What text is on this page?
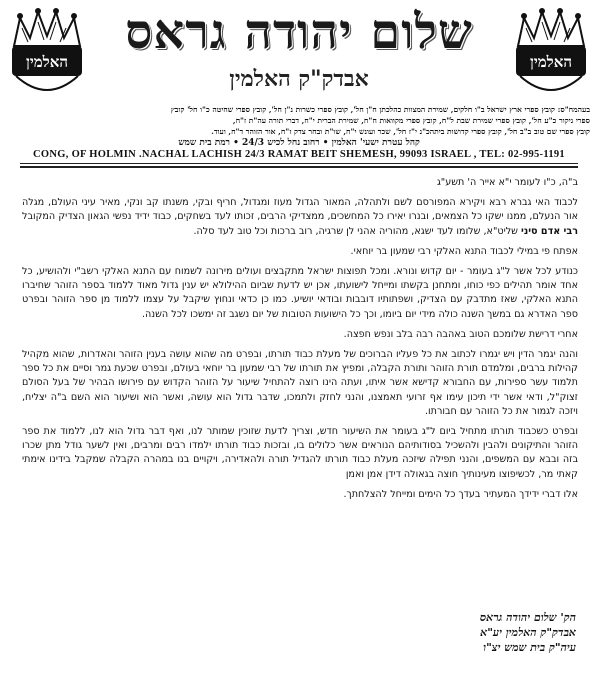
האלמין
שלום יהודה גראס
אבדק"ק האלמין
האלמין
בעהמח"ס: קובץ ספרי ארץ ישראל ב"ו חלקים, שמירת המצוות כהלכתן ח"ן חל', קובץ ספרי כשרות נ"ן חל', קובץ ספרי שחיטה כ"ו חל' קובץ
ספרי ניקור כ"ע חל', קובץ ספרי שמירת שבת ל"ח, קובץ ספרי מקוואות ח"ח, שמירת הברית י"ח, דברי תורה עה"ת ז"ח,
קובץ ספרי שם טוב ב"ב חל', קובץ ספרי קדושות ביתהכ"נ י"ז חל', שכר ועונש י"ח, שו"ת ובחר צדק ז"ח, אור הזוהר ד"ח, ועוד.
קהל עטרת ישעי' האלמין • רחוב נחל לכיש 24/3 • רמת בית שמש
CONG, OF HOLMIN .NACHAL LACHISH 24/3 RAMAT BEIT SHEMESH, 99093 ISRAEL , TEL: 02-995-1191

ב"ה, כ"ו לעומר י"א אייר ה' תשע"ג

לכבוד האי גברא רבא ויקירא המפורסם לשם ולתהלה, המאור הגדול מעוז ומגדול, חריף ובקי, משנתו קב ונקי, מאיר עיני העולם, מגלה אור הנעלם, ממנו ישקו כל הצמאים, ובנרו יאירו כל המחשכים, ממצדיקי הרבים, זכותו לעד בשחקים, כבוד ידיד נפשי הגאון הצדיק המקובל רבי אדם סיני שליט"א, שלומו לעד ישגא, מהוריה אהני לן שרגיה, רוב ברכות וכל טוב לעד סלה.

אפתח פי במילי לכבוד התנא האלקי רבי שמעון בר יוחאי.

כנודע לכל אשר ל"ג בעומר - יום קדוש ונורא. ומכל תפוצות ישראל מתקבצים ועולים מירונה לשמוח עם התנא האלקי רשב"י ולהושיע, כל אחד אומר תהילים כפי כוחו, ומתחנן בקשתו ומייחל לישועתו, אכן יש לדעת שביום ההילולא יש ענין גדול מאוד ללמוד בספר הזוהר שחיברו התנא האלקי, שאז מתדבק עם הצדיק, ושפתותיו דובבות ובודאי יושיע. כמו כן כדאי ונחוץ שיקבל על עצמו ללמוד מן ספר הזוהר ובפרט ספר האדרא גם במשך השנה כולה מידי יום ביומו, וכך כל הישועות הטובות של יום נשגב זה ימשכו לכל השנה.

אחרי דרישת שלומכם הטוב באהבה רבה בלב ונפש חפצה.

והנה יגמר הדין ויש יגמרו לכתוב את כל פעליו הברוכים של מעלת כבוד תורתו, ובפרט מה שהוא עושה בענין הזוהר והאדרות, שהוא מקהיל קהילות ברבים, ומלמדם תורת הזוהר ותורת הקבלה, ומפיץ את תורתו של רבי שמעון בר יוחאי בעולם, ובפרט שכעת גמר וסיים את כל ספר תלמוד עשר ספירות, עם החבורא קדישא אשר איתו, ועתה הינו רוצה להתחיל שיעור על הזוהר הקדוש עם פירושו הבהיר של בעל הסולם זצוק"ל, ודאי אשר ידי תיכון עימו אף זרועי תאמצנו, והנני לחזק ולתמכו, שדבר גדול הוא עושה, ואשר הוא ושיעור הוא השם ב"ה יצליח, ויזכה לגמור את כל הזוהר עם חבורתו.

ובפרט כשכבוד תורתו מתחיל ביום ל"ג בעומר את השיעור חדש, וצריך לדעת שזוכין שמותר לנו, ואף דבר גדול הוא לנו, ללמוד את ספר הזוהר והתיקונים ולהבין ולהשכיל בסודותיהם הנוראים אשר כלולים בו, ובזכות כבוד תורתו ילמדו רבים ומרבים, ואין לשער גודל מתן שכרו בזה ובבא עם המשפים, והנני תפילה שיזכה מעלת כבוד תורתו להגדיל תורה ולהאדירה, ויקויים בנו במהרה הקבלה שמקבל בידינו אימתי קאתי מר, לכשיפוצו מעינותיך חוצה בגאולה דידן אמן ואמן

אלו דברי ידידך המעתיר בעדך כל הימים ומייחל להצלחתך.

הק' שלום יהודה גראס
אבדק"ק האלמין יע"א
עיה"ק בית שמש יצ"ו
